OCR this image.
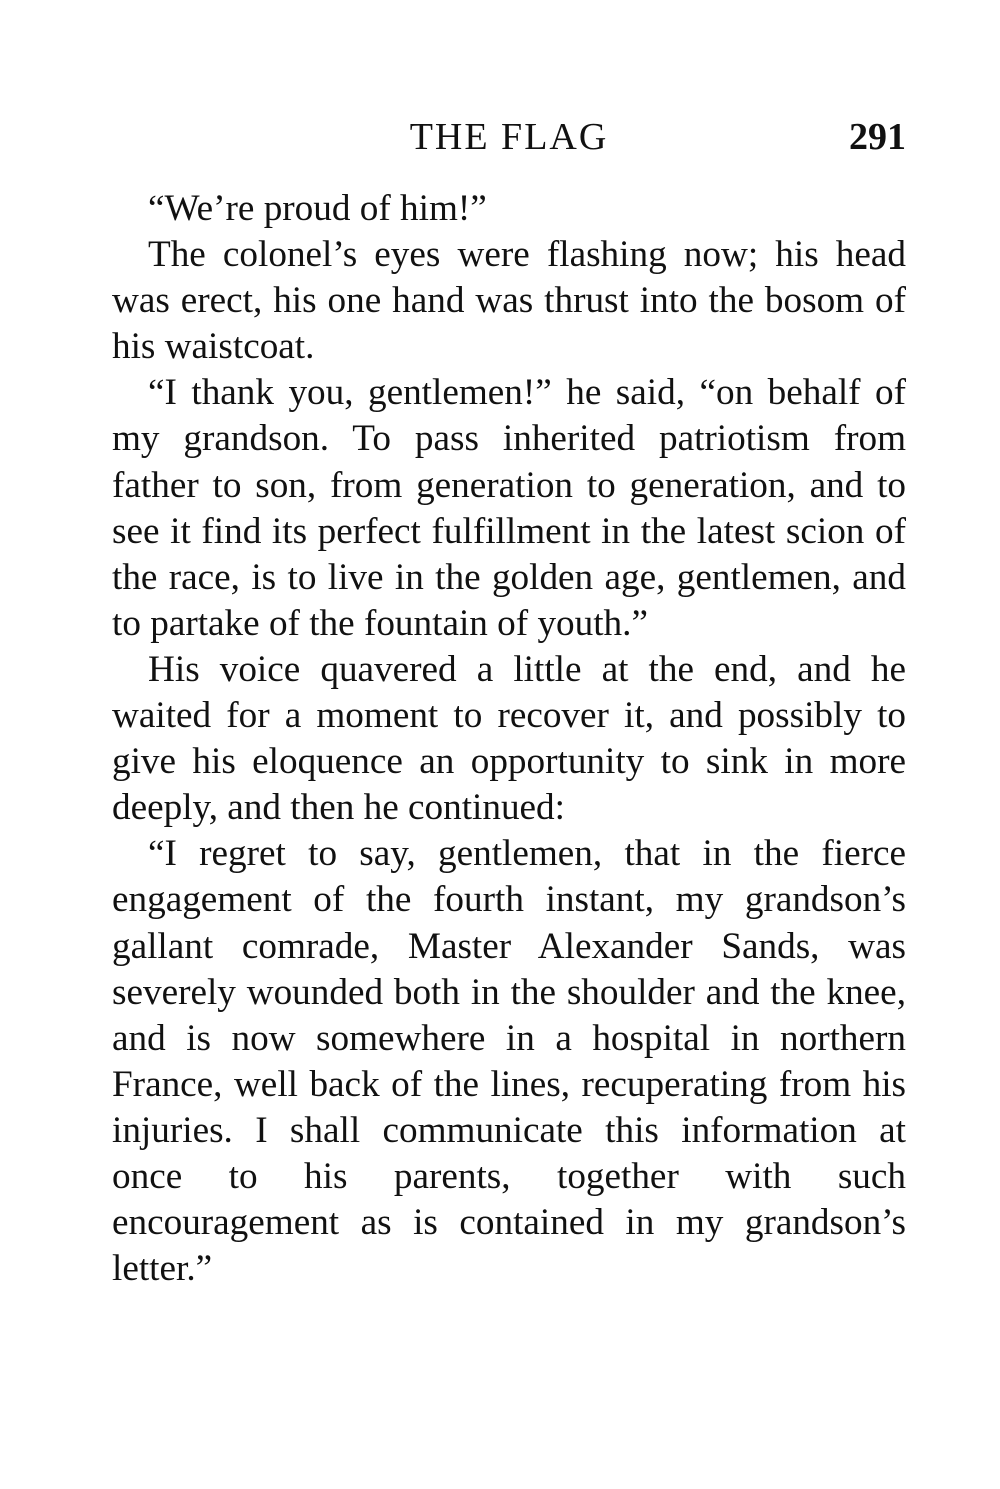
THE FLAG	291

“We’re proud of him!”

The colonel’s eyes were flashing now; his head was erect, his one hand was thrust into the bosom of his waistcoat.

“I thank you, gentlemen!” he said, “on behalf of my grandson. To pass inherited patriotism from father to son, from generation to generation, and to see it find its perfect fulfillment in the latest scion of the race, is to live in the golden age, gentlemen, and to partake of the fountain of youth.”

His voice quavered a little at the end, and he waited for a moment to recover it, and possibly to give his eloquence an opportunity to sink in more deeply, and then he continued:

“I regret to say, gentlemen, that in the fierce engagement of the fourth instant, my grandson’s gallant comrade, Master Alexander Sands, was severely wounded both in the shoulder and the knee, and is now somewhere in a hospital in northern France, well back of the lines, recuperating from his injuries. I shall communicate this information at once to his parents, together with such encouragement as is contained in my grandson’s letter.”
